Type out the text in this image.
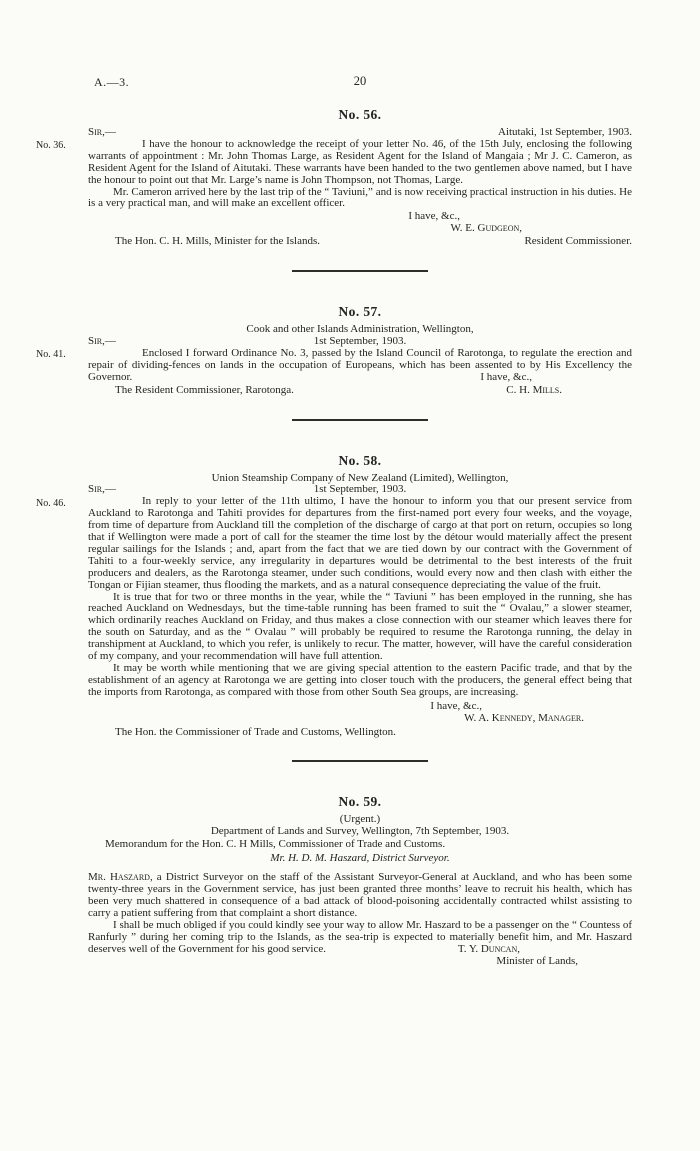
A.—3.	20
No. 36.
No. 56.
Sir,—	Aitutaki, 1st September, 1903.

I have the honour to acknowledge the receipt of your letter No. 46, of the 15th July, enclosing the following warrants of appointment : Mr. John Thomas Large, as Resident Agent for the Island of Mangaia ; Mr J. C. Cameron, as Resident Agent for the Island of Aitutaki. These warrants have been handed to the two gentlemen above named, but I have the honour to point out that Mr. Large’s name is John Thompson, not Thomas, Large.

Mr. Cameron arrived here by the last trip of the “ Taviuni,” and is now receiving practical instruction in his duties. He is a very practical man, and will make an excellent officer.

I have, &c.,
W. E. Gudgeon,
The Hon. C. H. Mills, Minister for the Islands.	Resident Commissioner.
No. 41.
No. 57.
Cook and other Islands Administration, Wellington,
Sir,—	1st September, 1903.

Enclosed I forward Ordinance No. 3, passed by the Island Council of Rarotonga, to regulate the erection and repair of dividing-fences on lands in the occupation of Europeans, which has been assented to by His Excellency the Governor.	I have, &c.,

The Resident Commissioner, Rarotonga.	C. H. Mills.
No. 46.
No. 58.
Union Steamship Company of New Zealand (Limited), Wellington,
Sir,—	1st September, 1903.

In reply to your letter of the 11th ultimo, I have the honour to inform you that our present service from Auckland to Rarotonga and Tahiti provides for departures from the first-named port every four weeks, and the voyage, from time of departure from Auckland till the completion of the discharge of cargo at that port on return, occupies so long that if Wellington were made a port of call for the steamer the time lost by the détour would materially affect the present regular sailings for the Islands ; and, apart from the fact that we are tied down by our contract with the Government of Tahiti to a four-weekly service, any irregularity in departures would be detrimental to the best interests of the fruit producers and dealers, as the Rarotonga steamer, under such conditions, would every now and then clash with either the Tongan or Fijian steamer, thus flooding the markets, and as a natural consequence depreciating the value of the fruit.

It is true that for two or three months in the year, while the “ Taviuni ” has been employed in the running, she has reached Auckland on Wednesdays, but the time-table running has been framed to suit the “ Ovalau,” a slower steamer, which ordinarily reaches Auckland on Friday, and thus makes a close connection with our steamer which leaves there for the south on Saturday, and as the “ Ovalau ” will probably be required to resume the Rarotonga running, the delay in transhipment at Auckland, to which you refer, is unlikely to recur. The matter, however, will have the careful consideration of my company, and your recommendation will have full attention.

It may be worth while mentioning that we are giving special attention to the eastern Pacific trade, and that by the establishment of an agency at Rarotonga we are getting into closer touch with the producers, the general effect being that the imports from Rarotonga, as compared with those from other South Sea groups, are increasing.

I have, &c.,
W. A. Kennedy, Manager.
The Hon. the Commissioner of Trade and Customs, Wellington.
No. 59.
(Urgent.)
Department of Lands and Survey, Wellington, 7th September, 1903.
Memorandum for the Hon. C. H Mills, Commissioner of Trade and Customs.
Mr. H. D. M. Haszard, District Surveyor.

Mr. Haszard, a District Surveyor on the staff of the Assistant Surveyor-General at Auckland, and who has been some twenty-three years in the Government service, has just been granted three months’ leave to recruit his health, which has been very much shattered in consequence of a bad attack of blood-poisoning accidentally contracted whilst assisting to carry a patient suffering from that complaint a short distance.

I shall be much obliged if you could kindly see your way to allow Mr. Haszard to be a passenger on the “ Countess of Ranfurly ” during her coming trip to the Islands, as the sea-trip is expected to materially benefit him, and Mr. Haszard deserves well of the Government for his good service.	T. Y. Duncan,

Minister of Lands,
